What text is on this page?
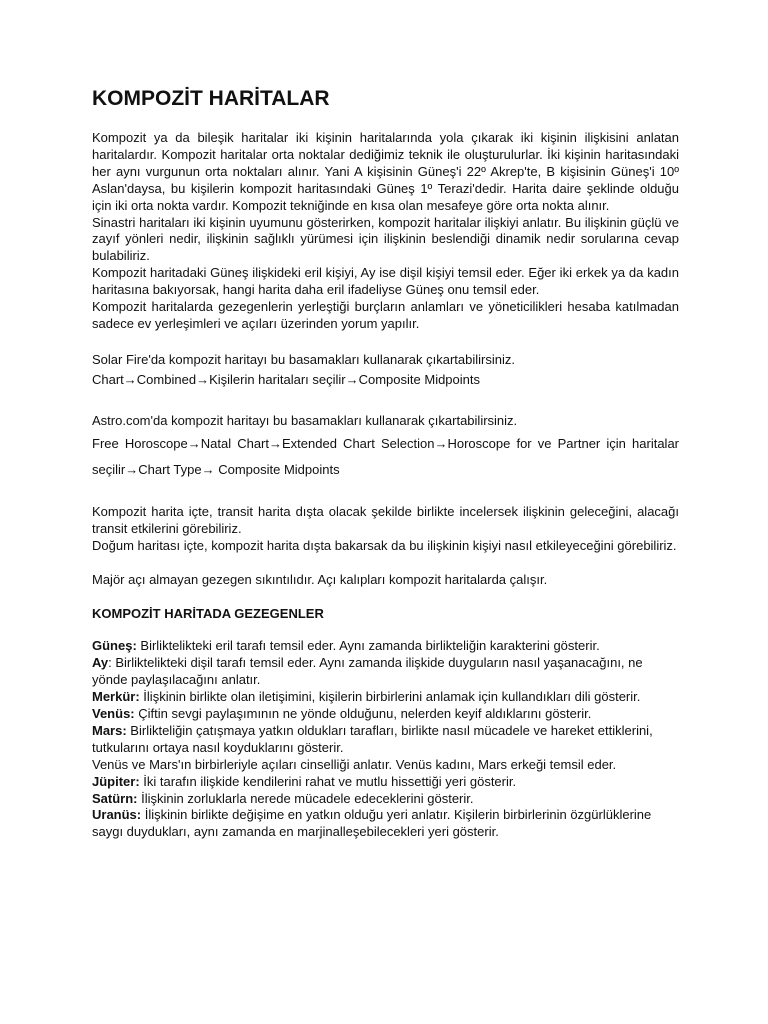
KOMPOZİT HARİTALAR

Kompozit ya da bileşik haritalar iki kişinin haritalarında yola çıkarak iki kişinin ilişkisini anlatan haritalardır. Kompozit haritalar orta noktalar dediğimiz teknik ile oluşturulurlar. İki kişinin haritasındaki her aynı vurgunun orta noktaları alınır. Yani A kişisinin Güneş'i 22º Akrep'te, B kişisinin Güneş'i 10º Aslan'daysa, bu kişilerin kompozit haritasındaki Güneş 1º Terazi'dedir. Harita daire şeklinde olduğu için iki orta nokta vardır. Kompozit tekniğinde en kısa olan mesafeye göre orta nokta alınır.

Sinastri haritaları iki kişinin uyumunu gösterirken, kompozit haritalar ilişkiyi anlatır. Bu ilişkinin güçlü ve zayıf yönleri nedir, ilişkinin sağlıklı yürümesi için ilişkinin beslendiği dinamik nedir sorularına cevap bulabiliriz.

Kompozit haritadaki Güneş ilişkideki eril kişiyi, Ay ise dişil kişiyi temsil eder. Eğer iki erkek ya da kadın haritasına bakıyorsak, hangi harita daha eril ifadeliyse Güneş onu temsil eder.

Kompozit haritalarda gezegenlerin yerleştiği burçların anlamları ve yöneticilikleri hesaba katılmadan sadece ev yerleşimleri ve açıları üzerinden yorum yapılır.

Solar Fire'da kompozit haritayı bu basamakları kullanarak çıkartabilirsiniz.

Chart→Combined→Kişilerin haritaları seçilir→Composite Midpoints

Astro.com'da kompozit haritayı bu basamakları kullanarak çıkartabilirsiniz.

Free Horoscope→Natal Chart→Extended Chart Selection→Horoscope for ve Partner için haritalar seçilir→Chart Type→ Composite Midpoints

Kompozit harita içte, transit harita dışta olacak şekilde birlikte incelersek ilişkinin geleceğini, alacağı transit etkilerini görebiliriz.

Doğum haritası içte, kompozit harita dışta bakarsak da bu ilişkinin kişiyi nasıl etkileyeceğini görebiliriz.

Majör açı almayan gezegen sıkıntılıdır. Açı kalıpları kompozit haritalarda çalışır.

KOMPOZİT HARİTADA GEZEGENLER

Güneş: Birliktelikteki eril tarafı temsil eder. Aynı zamanda birlikteliğin karakterini gösterir.

Ay: Birliktelikteki dişil tarafı temsil eder. Aynı zamanda ilişkide duyguların nasıl yaşanacağını, ne yönde paylaşılacağını anlatır.

Merkür: İlişkinin birlikte olan iletişimini, kişilerin birbirlerini anlamak için kullandıkları dili gösterir.

Venüs: Çiftin sevgi paylaşımının ne yönde olduğunu, nelerden keyif aldıklarını gösterir.

Mars: Birlikteliğin çatışmaya yatkın oldukları tarafları, birlikte nasıl mücadele ve hareket ettiklerini, tutkularını ortaya nasıl koyduklarını gösterir.

Venüs ve Mars'ın birbirleriyle açıları cinselliği anlatır. Venüs kadını, Mars erkeği temsil eder.

Jüpiter: İki tarafın ilişkide kendilerini rahat ve mutlu hissettiği yeri gösterir.

Satürn: İlişkinin zorluklarla nerede mücadele edeceklerini gösterir.

Uranüs: İlişkinin birlikte değişime en yatkın olduğu yeri anlatır. Kişilerin birbirlerinin özgürlüklerine saygı duydukları, aynı zamanda en marjinalleşebilecekleri yeri gösterir.
